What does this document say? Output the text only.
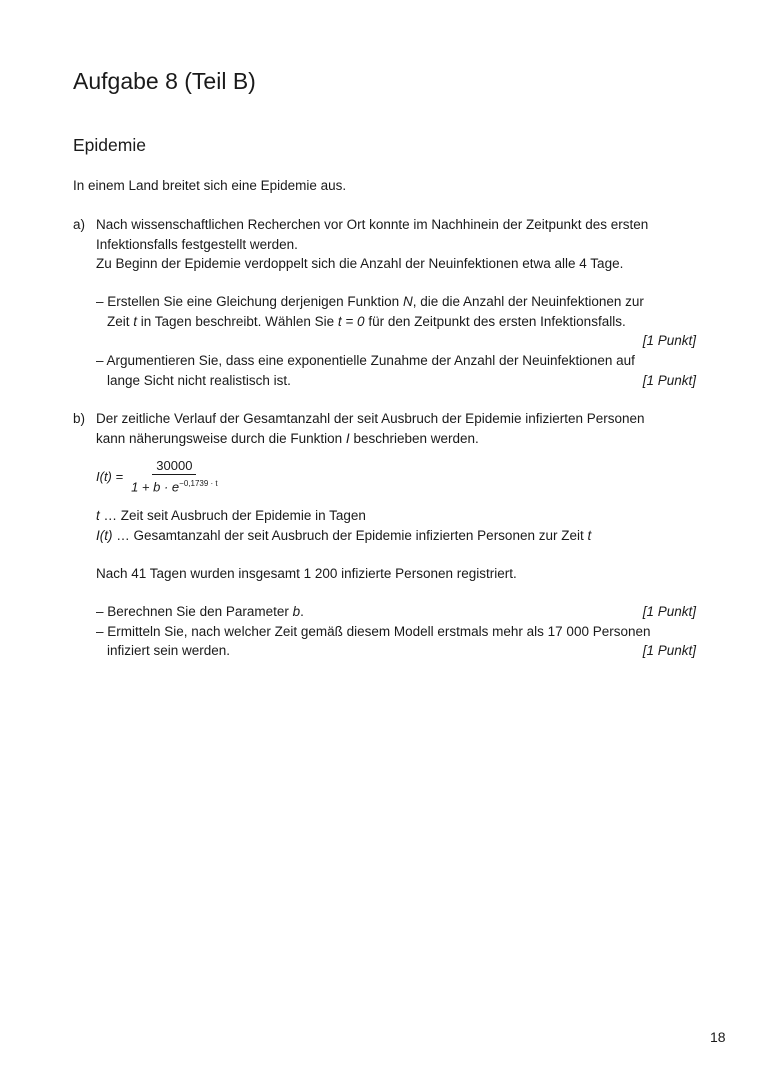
Aufgabe 8 (Teil B)
Epidemie

In einem Land breitet sich eine Epidemie aus.

a) Nach wissenschaftlichen Recherchen vor Ort konnte im Nachhinein der Zeitpunkt des ersten
Infektionsfalls festgestellt werden.
Zu Beginn der Epidemie verdoppelt sich die Anzahl der Neuinfektionen etwa alle 4 Tage.
– Erstellen Sie eine Gleichung derjenigen Funktion N, die die Anzahl der Neuinfektionen zur
Zeit t in Tagen beschreibt. Wählen Sie t = 0 für den Zeitpunkt des ersten Infektionsfalls.
[1 Punkt]
– Argumentieren Sie, dass eine exponentielle Zunahme der Anzahl der Neuinfektionen auf
lange Sicht nicht realistisch ist.	[1 Punkt]
b) Der zeitliche Verlauf der Gesamtanzahl der seit Ausbruch der Epidemie infizierten Personen
kann näherungsweise durch die Funktion I beschrieben werden.
$I(t) = \frac{30000}{1 + b \cdot e^{-0,1739 \cdot t}}$
t … Zeit seit Ausbruch der Epidemie in Tagen
I(t) … Gesamtanzahl der seit Ausbruch der Epidemie infizierten Personen zur Zeit t

Nach 41 Tagen wurden insgesamt 1 200 infizierte Personen registriert.

– Berechnen Sie den Parameter b.	[1 Punkt]
– Ermitteln Sie, nach welcher Zeit gemäß diesem Modell erstmals mehr als 17 000 Personen
infiziert sein werden.	[1 Punkt]
18
